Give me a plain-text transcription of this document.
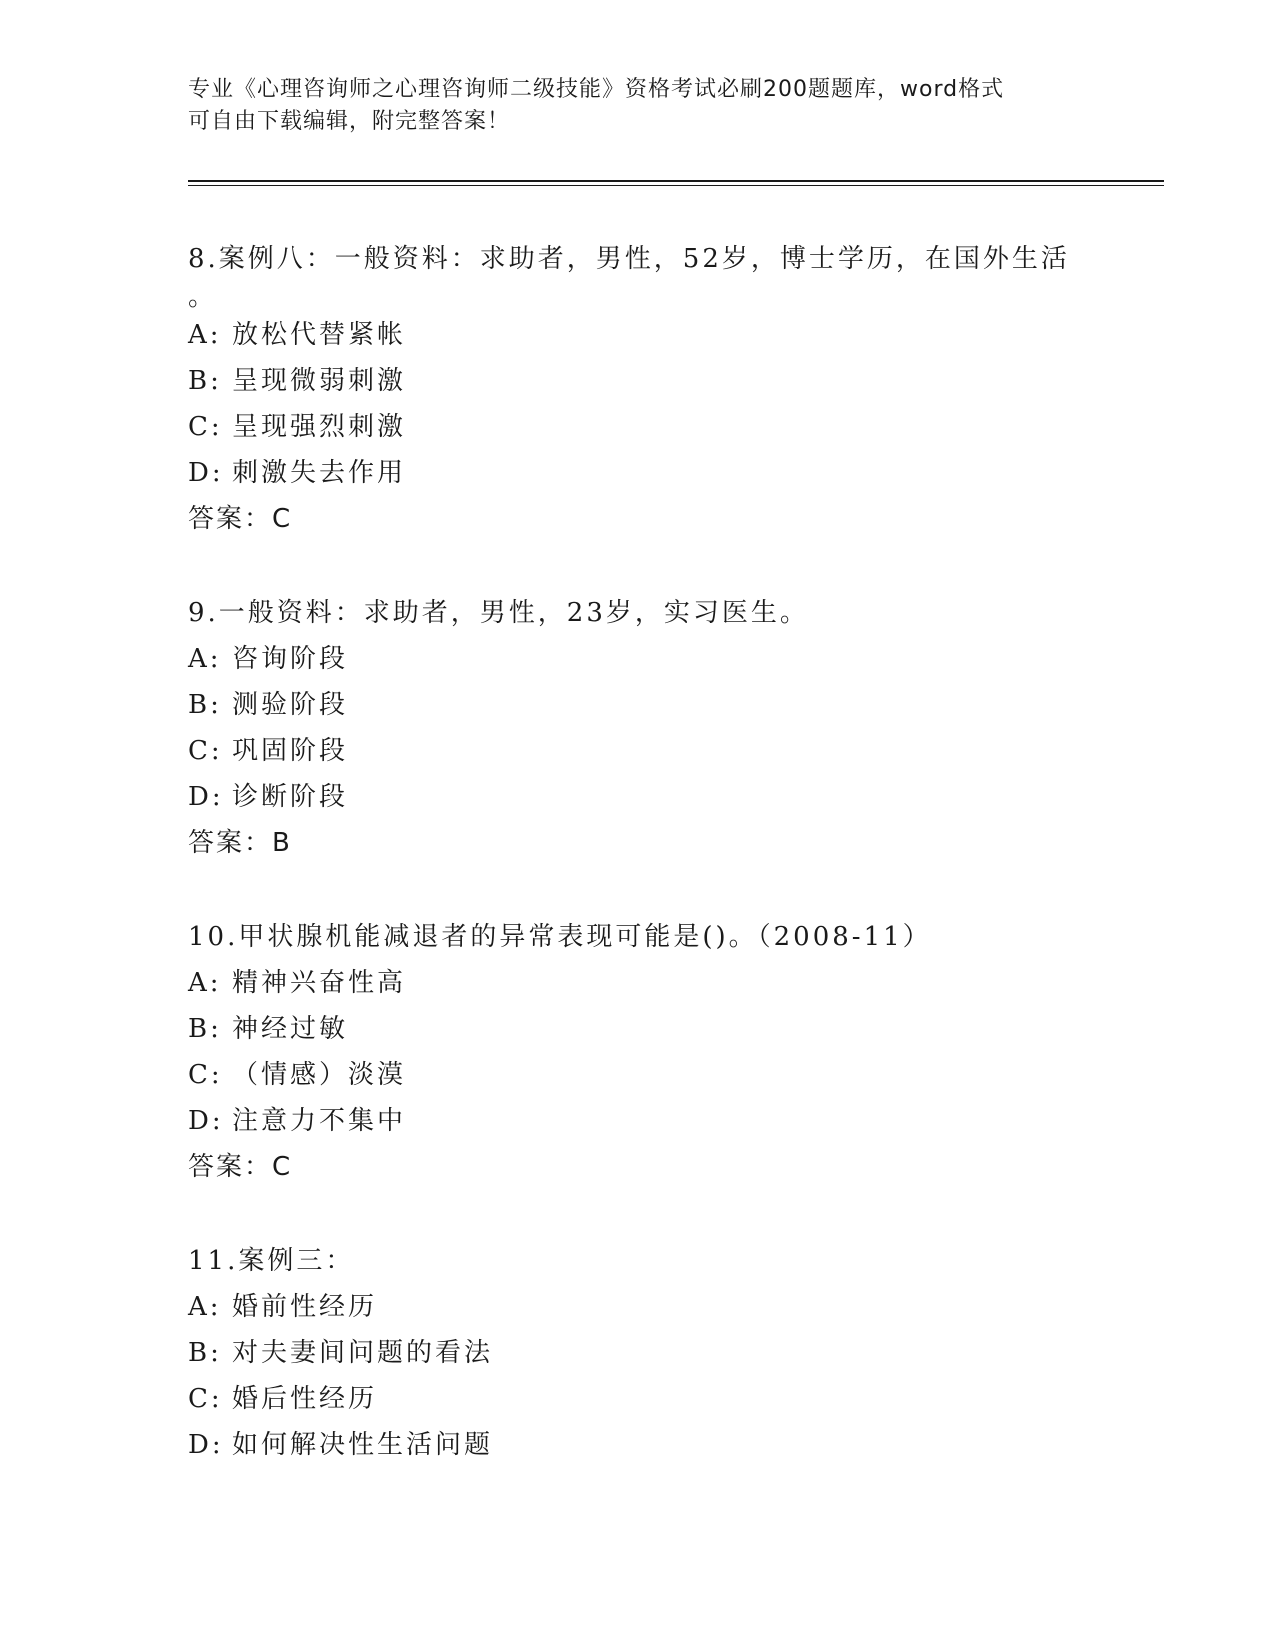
专业《心理咨询师之心理咨询师二级技能》资格考试必刷200题题库，word格式
可自由下载编辑，附完整答案！
8.案例八：一般资料：求助者，男性，52岁，博士学历，在国外生活
。
A: 放松代替紧帐
B: 呈现微弱刺激
C: 呈现强烈刺激
D: 刺激失去作用
答案：C
9.一般资料：求助者，男性，23岁，实习医生。
A: 咨询阶段
B: 测验阶段
C: 巩固阶段
D: 诊断阶段
答案：B
10.甲状腺机能减退者的异常表现可能是()。（2008-11）
A: 精神兴奋性高
B: 神经过敏
C: （情感）淡漠
D: 注意力不集中
答案：C
11.案例三：
A: 婚前性经历
B: 对夫妻间问题的看法
C: 婚后性经历
D: 如何解决性生活问题
